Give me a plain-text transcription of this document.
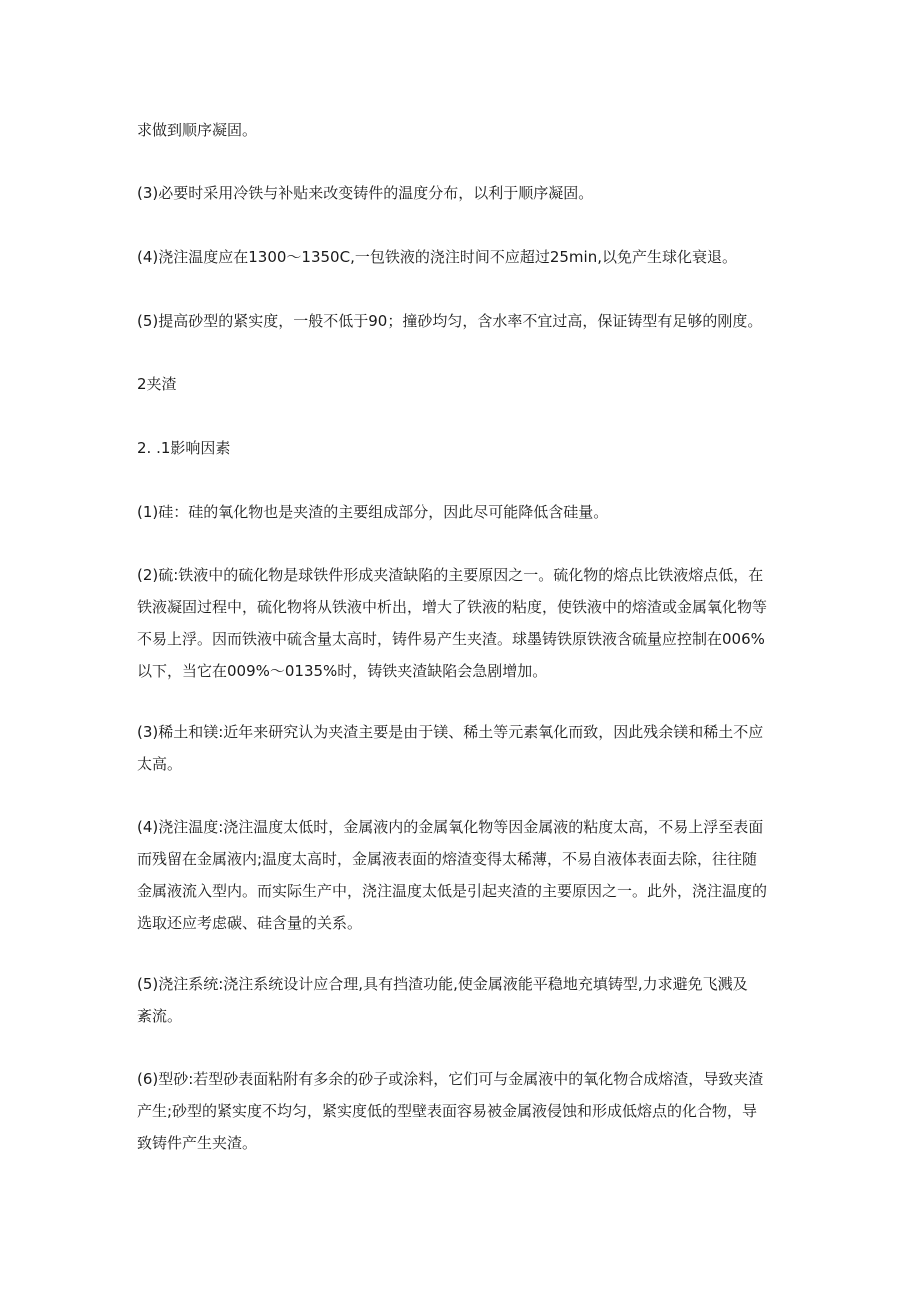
求做到顺序凝固。

(3)必要时采用冷铁与补贴来改变铸件的温度分布，以利于顺序凝固。

(4)浇注温度应在1300～1350C,一包铁液的浇注时间不应超过25min,以免产生球化衰退。

(5)提高砂型的紧实度，一般不低于90；撞砂均匀，含水率不宜过高，保证铸型有足够的刚度。

2夹渣

2. .1影响因素

(1)硅：硅的氧化物也是夹渣的主要组成部分，因此尽可能降低含硅量。

(2)硫:铁液中的硫化物是球铁件形成夹渣缺陷的主要原因之一。硫化物的熔点比铁液熔点低，在
铁液凝固过程中，硫化物将从铁液中析出，增大了铁液的粘度，使铁液中的熔渣或金属氧化物等
不易上浮。因而铁液中硫含量太高时，铸件易产生夹渣。球墨铸铁原铁液含硫量应控制在006%
以下，当它在009%～0135%时，铸铁夹渣缺陷会急剧增加。
(3)稀土和镁:近年来研究认为夹渣主要是由于镁、稀土等元素氧化而致，因此残余镁和稀土不应
太高。
(4)浇注温度:浇注温度太低时，金属液内的金属氧化物等因金属液的粘度太高，不易上浮至表面
而残留在金属液内;温度太高时，金属液表面的熔渣变得太稀薄，不易自液体表面去除，往往随
金属液流入型内。而实际生产中，浇注温度太低是引起夹渣的主要原因之一。此外，浇注温度的
选取还应考虑碳、硅含量的关系。
(5)浇注系统:浇注系统设计应合理,具有挡渣功能,使金属液能平稳地充填铸型,力求避免飞溅及
紊流。
(6)型砂:若型砂表面粘附有多余的砂子或涂料，它们可与金属液中的氧化物合成熔渣，导致夹渣
产生;砂型的紧实度不均匀，紧实度低的型壁表面容易被金属液侵蚀和形成低熔点的化合物，导
致铸件产生夹渣。
